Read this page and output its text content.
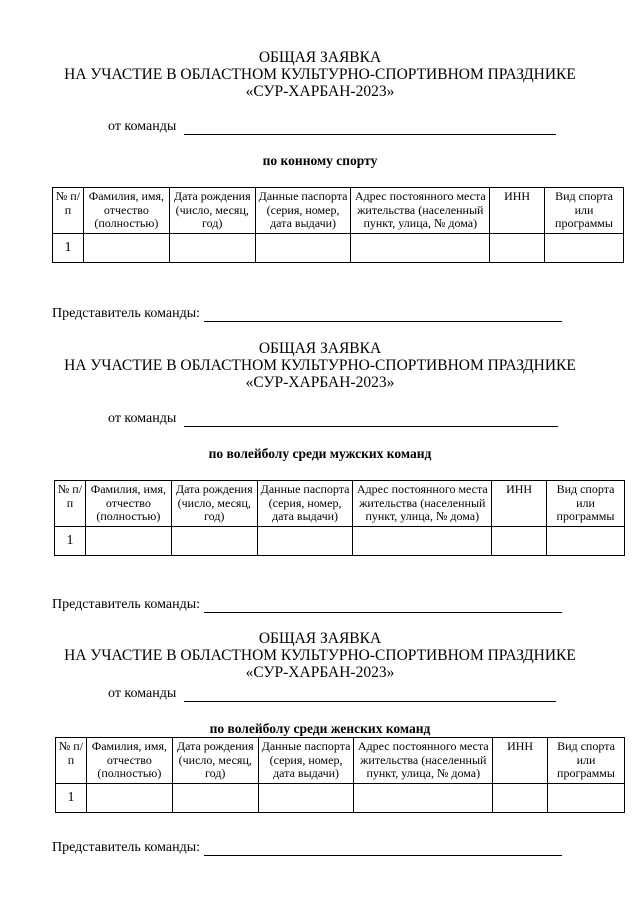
ОБЩАЯ ЗАЯВКА
НА УЧАСТИЕ В ОБЛАСТНОМ КУЛЬТУРНО-СПОРТИВНОМ ПРАЗДНИКЕ
«СУР-ХАРБАН-2023»
от команды
по конному спорту
№ п/п	Фамилия, имя, отчество (полностью)	Дата рождения (число, месяц, год)	Данные паспорта (серия, номер, дата выдачи)	Адрес постоянного места жительства (населенный пункт, улица, № дома)	ИНН	Вид спорта или программы
1						
Представитель команды:
ОБЩАЯ ЗАЯВКА
НА УЧАСТИЕ В ОБЛАСТНОМ КУЛЬТУРНО-СПОРТИВНОМ ПРАЗДНИКЕ
«СУР-ХАРБАН-2023»
от команды
по волейболу среди мужских команд
№ п/п	Фамилия, имя, отчество (полностью)	Дата рождения (число, месяц, год)	Данные паспорта (серия, номер, дата выдачи)	Адрес постоянного места жительства (населенный пункт, улица, № дома)	ИНН	Вид спорта или программы
1						
Представитель команды:
ОБЩАЯ ЗАЯВКА
НА УЧАСТИЕ В ОБЛАСТНОМ КУЛЬТУРНО-СПОРТИВНОМ ПРАЗДНИКЕ
«СУР-ХАРБАН-2023»
от команды
по волейболу среди женских команд
№ п/п	Фамилия, имя, отчество (полностью)	Дата рождения (число, месяц, год)	Данные паспорта (серия, номер, дата выдачи)	Адрес постоянного места жительства (населенный пункт, улица, № дома)	ИНН	Вид спорта или программы
1						
Представитель команды:
